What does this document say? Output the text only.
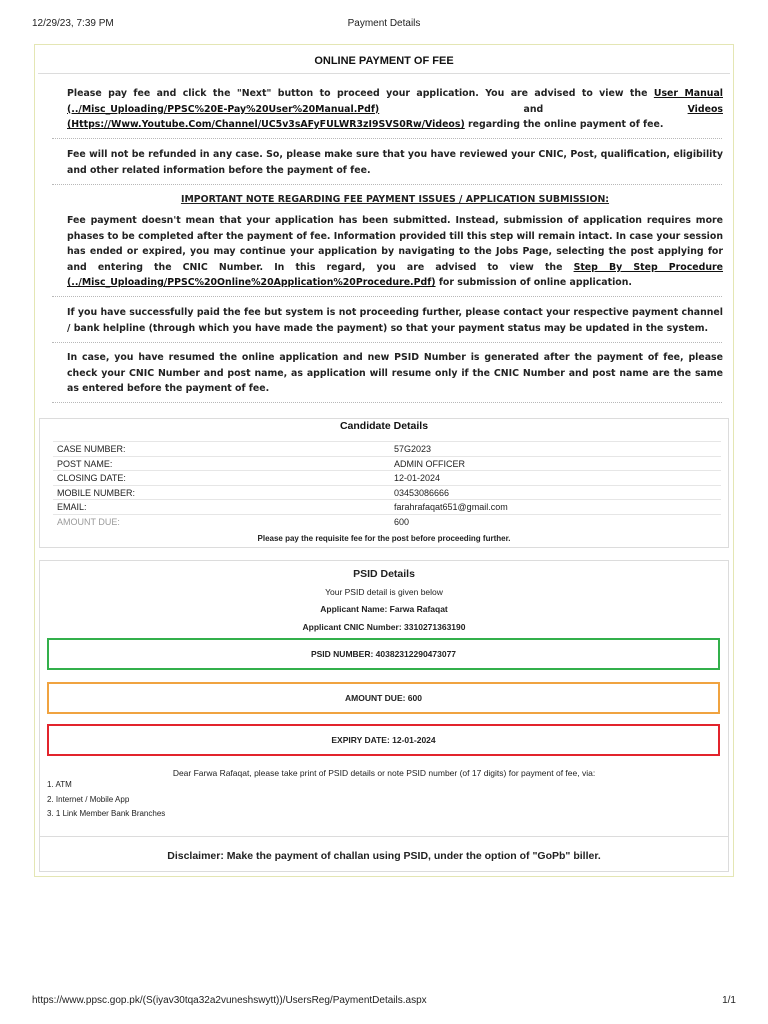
12/29/23, 7:39 PM	Payment Details
ONLINE PAYMENT OF FEE
Please pay fee and click the "Next" button to proceed your application. You are advised to view the User Manual (../Misc_Uploading/PPSC%20E-Pay%20User%20Manual.Pdf) and Videos (Https://Www.Youtube.Com/Channel/UC5v3sAFyFULWR3zI9SVS0Rw/Videos) regarding the online payment of fee.
Fee will not be refunded in any case. So, please make sure that you have reviewed your CNIC, Post, qualification, eligibility and other related information before the payment of fee.
IMPORTANT NOTE REGARDING FEE PAYMENT ISSUES / APPLICATION SUBMISSION:
Fee payment doesn't mean that your application has been submitted. Instead, submission of application requires more phases to be completed after the payment of fee. Information provided till this step will remain intact. In case your session has ended or expired, you may continue your application by navigating to the Jobs Page, selecting the post applying for and entering the CNIC Number. In this regard, you are advised to view the Step By Step Procedure (../Misc_Uploading/PPSC%20Online%20Application%20Procedure.Pdf) for submission of online application.
If you have successfully paid the fee but system is not proceeding further, please contact your respective payment channel / bank helpline (through which you have made the payment) so that your payment status may be updated in the system.
In case, you have resumed the online application and new PSID Number is generated after the payment of fee, please check your CNIC Number and post name, as application will resume only if the CNIC Number and post name are the same as entered before the payment of fee.
Candidate Details
CASE NUMBER:	57G2023
POST NAME:	ADMIN OFFICER
CLOSING DATE:	12-01-2024
MOBILE NUMBER:	03453086666
EMAIL:	farahrafaqat651@gmail.com
AMOUNT DUE:	600
Please pay the requisite fee for the post before proceeding further.
PSID Details
Your PSID detail is given below
Applicant Name: Farwa Rafaqat
Applicant CNIC Number: 3310271363190
PSID NUMBER: 40382312290473077
AMOUNT DUE: 600
EXPIRY DATE: 12-01-2024
Dear Farwa Rafaqat, please take print of PSID details or note PSID number (of 17 digits) for payment of fee, via:
1. ATM
2. Internet / Mobile App
3. 1 Link Member Bank Branches
Disclaimer: Make the payment of challan using PSID, under the option of "GoPb" biller.
https://www.ppsc.gop.pk/(S(iyav30tqa32a2vuneshswytt))/UsersReg/PaymentDetails.aspx	1/1
